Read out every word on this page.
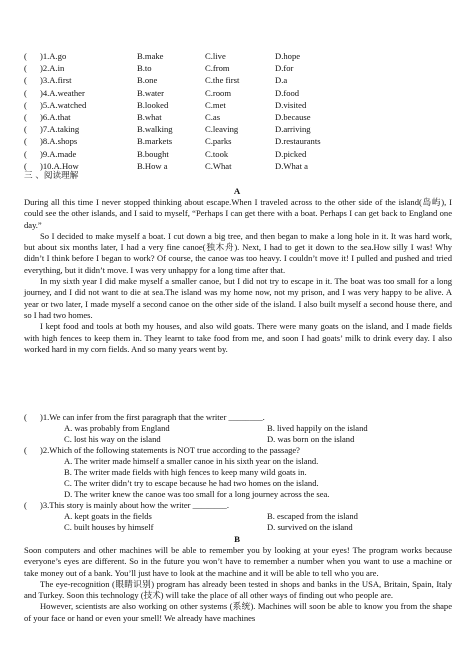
( )1.A.go	B.make	C.live	D.hope
( )2.A.in	B.to	C.from	D.for
( )3.A.first	B.one	C.the first	D.a
( )4.A.weather	B.water	C.room	D.food
( )5.A.watched	B.looked	C.met	D.visited
( )6.A.that	B.what	C.as	D.because
( )7.A.taking	B.walking	C.leaving	D.arriving
( )8.A.shops	B.markets	C.parks	D.restaurants
( )9.A.made	B.bought	C.took	D.picked
( )10.A.How	B.How a	C.What	D.What a
三 、阅读理解
A

During all this time I never stopped thinking about escape.When I traveled across to the other side of the island(岛屿), I could see the other islands, and I said to myself, “Perhaps I can get there with a boat. Perhaps I can get back to England one day.”

So I decided to make myself a boat. I cut down a big tree, and then began to make a long hole in it. It was hard work, but about six months later, I had a very fine canoe(独木舟). Next, I had to get it down to the sea.How silly I was! Why didn’t I think before I began to work? Of course, the canoe was too heavy. I couldn’t move it! I pulled and pushed and tried everything, but it didn’t move. I was very unhappy for a long time after that.

In my sixth year I did make myself a smaller canoe, but I did not try to escape in it. The boat was too small for a long journey, and I did not want to die at sea.The island was my home now, not my prison, and I was very happy to be alive. A year or two later, I made myself a second canoe on the other side of the island. I also built myself a second house there, and so I had two homes.

I kept food and tools at both my houses, and also wild goats. There were many goats on the island, and I made fields with high fences to keep them in. They learnt to take food from me, and soon I had goats’ milk to drink every day. I also worked hard in my corn fields. And so many years went by.

( )1.We can infer from the first paragraph that the writer ________.
A. was probably from England	B. lived happily on the island
C. lost his way on the island	D. was born on the island
( )2.Which of the following statements is NOT true according to the passage?
A. The writer made himself a smaller canoe in his sixth year on the island.
B. The writer made fields with high fences to keep many wild goats in.
C. The writer didn’t try to escape because he had two homes on the island.
D. The writer knew the canoe was too small for a long journey across the sea.
( )3.This story is mainly about how the writer ________.
A. kept goats in the fields	B. escaped from the island
C. built houses by himself	D. survived on the island
B

Soon computers and other machines will be able to remember you by looking at your eyes! The program works because everyone’s eyes are different. So in the future you won’t have to remember a number when you want to use a machine or take money out of a bank. You’ll just have to look at the machine and it will be able to tell who you are.

The eye-recognition (眼睛识别) program has already been tested in shops and banks in the USA, Britain, Spain, Italy and Turkey. Soon this technology (技术) will take the place of all other ways of finding out who people are.

However, scientists are also working on other systems (系统). Machines will soon be able to know you from the shape of your face or hand or even your smell! We already have machines
